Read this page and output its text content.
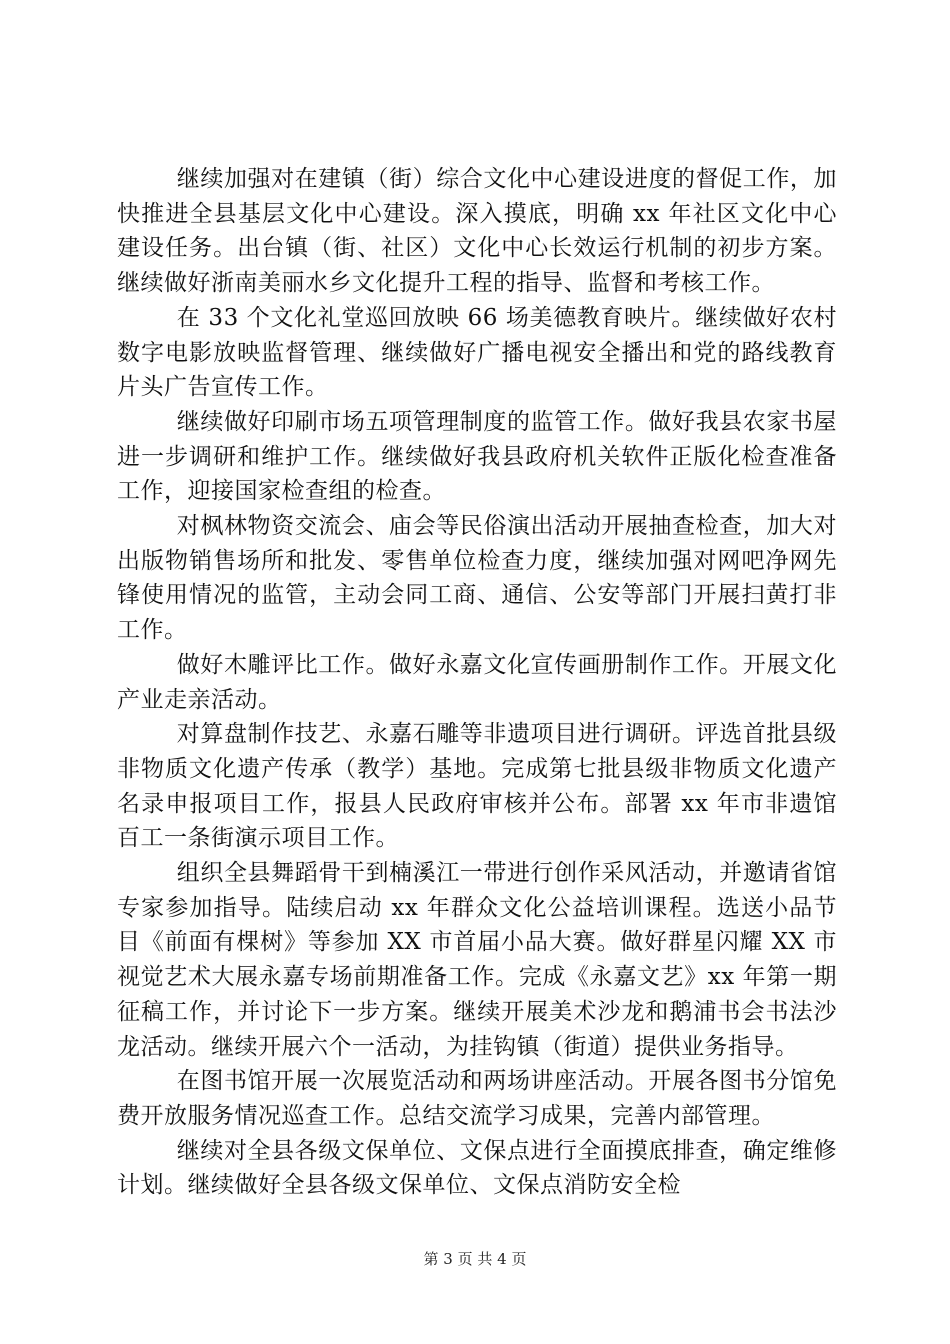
继续加强对在建镇（街）综合文化中心建设进度的督促工作，加快推进全县基层文化中心建设。深入摸底，明确 xx 年社区文化中心建设任务。出台镇（街、社区）文化中心长效运行机制的初步方案。继续做好浙南美丽水乡文化提升工程的指导、监督和考核工作。

在 33 个文化礼堂巡回放映 66 场美德教育映片。继续做好农村数字电影放映监督管理、继续做好广播电视安全播出和党的路线教育片头广告宣传工作。

继续做好印刷市场五项管理制度的监管工作。做好我县农家书屋进一步调研和维护工作。继续做好我县政府机关软件正版化检查准备工作，迎接国家检查组的检查。

对枫林物资交流会、庙会等民俗演出活动开展抽查检查，加大对出版物销售场所和批发、零售单位检查力度，继续加强对网吧净网先锋使用情况的监管，主动会同工商、通信、公安等部门开展扫黄打非工作。

做好木雕评比工作。做好永嘉文化宣传画册制作工作。开展文化产业走亲活动。

对算盘制作技艺、永嘉石雕等非遗项目进行调研。评选首批县级非物质文化遗产传承（教学）基地。完成第七批县级非物质文化遗产名录申报项目工作，报县人民政府审核并公布。部署 xx 年市非遗馆百工一条街演示项目工作。

组织全县舞蹈骨干到楠溪江一带进行创作采风活动，并邀请省馆专家参加指导。陆续启动 xx 年群众文化公益培训课程。选送小品节目《前面有棵树》等参加 XX 市首届小品大赛。做好群星闪耀 XX 市视觉艺术大展永嘉专场前期准备工作。完成《永嘉文艺》xx 年第一期征稿工作，并讨论下一步方案。继续开展美术沙龙和鹅浦书会书法沙龙活动。继续开展六个一活动，为挂钩镇（街道）提供业务指导。

在图书馆开展一次展览活动和两场讲座活动。开展各图书分馆免费开放服务情况巡查工作。总结交流学习成果，完善内部管理。

继续对全县各级文保单位、文保点进行全面摸底排查，确定维修计划。继续做好全县各级文保单位、文保点消防安全检

第 3 页 共 4 页
